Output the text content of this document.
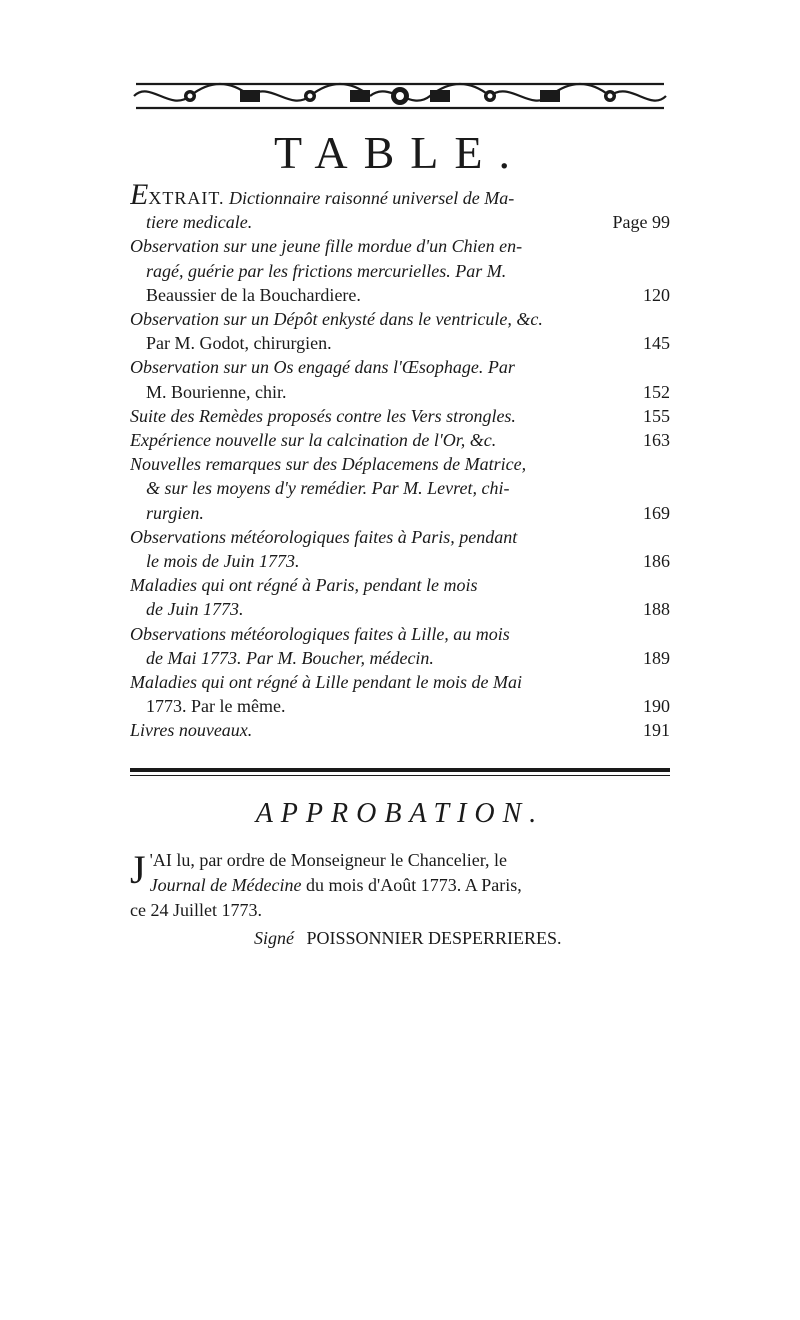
TABLE.
EXTRAIT. Dictionnaire raisonné universel de Ma-
tiere medicale.	Page 99
Observation sur une jeune fille mordue d'un Chien en-
ragé, guérie par les frictions mercurielles. Par M.
Beaussier de la Bouchardiere.	120
Observation sur un Dépôt enkysté dans le ventricule, &c.
Par M. Godot, chirurgien.	145
Observation sur un Os engagé dans l'Œsophage. Par
M. Bourienne, chir.	152
Suite des Remèdes proposés contre les Vers strongles.	155
Expérience nouvelle sur la calcination de l'Or, &c.	163
Nouvelles remarques sur des Déplacemens de Matrice,
& sur les moyens d'y remédier. Par M. Levret, chi-
rurgien.	169
Observations météorologiques faites à Paris, pendant
le mois de Juin 1773.	186
Maladies qui ont régné à Paris, pendant le mois
de Juin 1773.	188
Observations météorologiques faites à Lille, au mois
de Mai 1773. Par M. Boucher, médecin.	189
Maladies qui ont régné à Lille pendant le mois de Mai
1773. Par le même.	190
Livres nouveaux.	191
APPROBATION.
J 'AI lu, par ordre de Monseigneur le Chancelier, le
Journal de Médecine du mois d'Août 1773. A Paris,
ce 24 Juillet 1773.
Signé POISSONNIER DESPERRIERES.
